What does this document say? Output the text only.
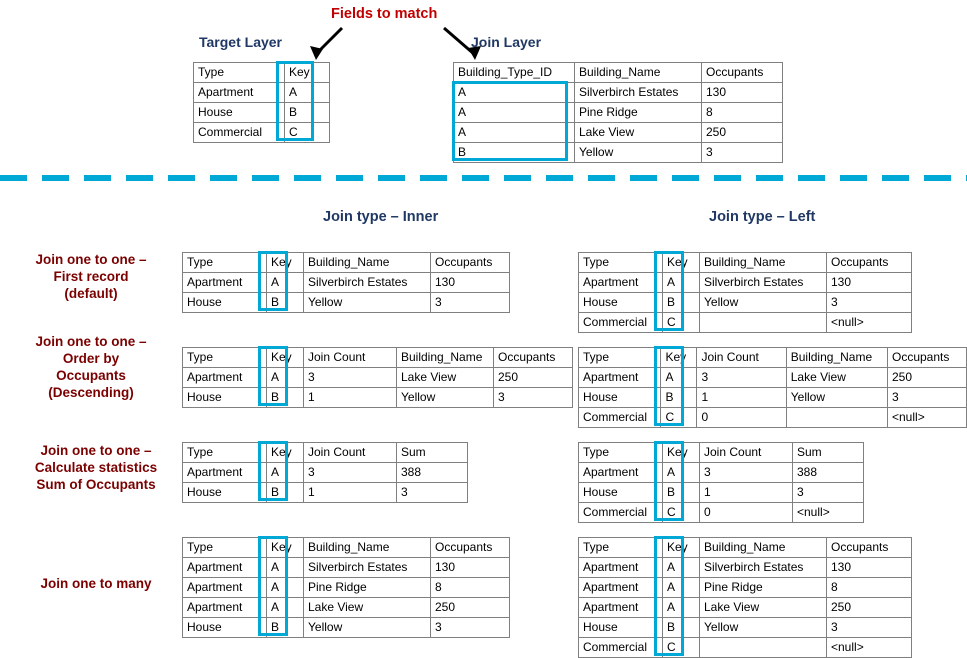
Fields to match
Target Layer	Join Layer
Type	Key
Apartment	A
House	B
Commercial	C
Building_Type_ID	Building_Name	Occupants
A	Silverbirch Estates	130
A	Pine Ridge	8
A	Lake View	250
B	Yellow	3
Join type – Inner	Join type – Left
Join one to one –
First record
(default)
Type	Key	Building_Name	Occupants
Apartment	A	Silverbirch Estates	130
House	B	Yellow	3
Type	Key	Building_Name	Occupants
Apartment	A	Silverbirch Estates	130
House	B	Yellow	3
Commercial	C		<null>
Join one to one –
Order by
Occupants
(Descending)
Type	Key	Join Count	Building_Name	Occupants
Apartment	A	3	Lake View	250
House	B	1	Yellow	3
Type	Key	Join Count	Building_Name	Occupants
Apartment	A	3	Lake View	250
House	B	1	Yellow	3
Commercial	C	0		<null>
Join one to one –
Calculate statistics
Sum of Occupants
Type	Key	Join Count	Sum
Apartment	A	3	388
House	B	1	3
Type	Key	Join Count	Sum
Apartment	A	3	388
House	B	1	3
Commercial	C	0	<null>
Join one to many
Type	Key	Building_Name	Occupants
Apartment	A	Silverbirch Estates	130
Apartment	A	Pine Ridge	8
Apartment	A	Lake View	250
House	B	Yellow	3
Type	Key	Building_Name	Occupants
Apartment	A	Silverbirch Estates	130
Apartment	A	Pine Ridge	8
Apartment	A	Lake View	250
House	B	Yellow	3
Commercial	C		<null>
